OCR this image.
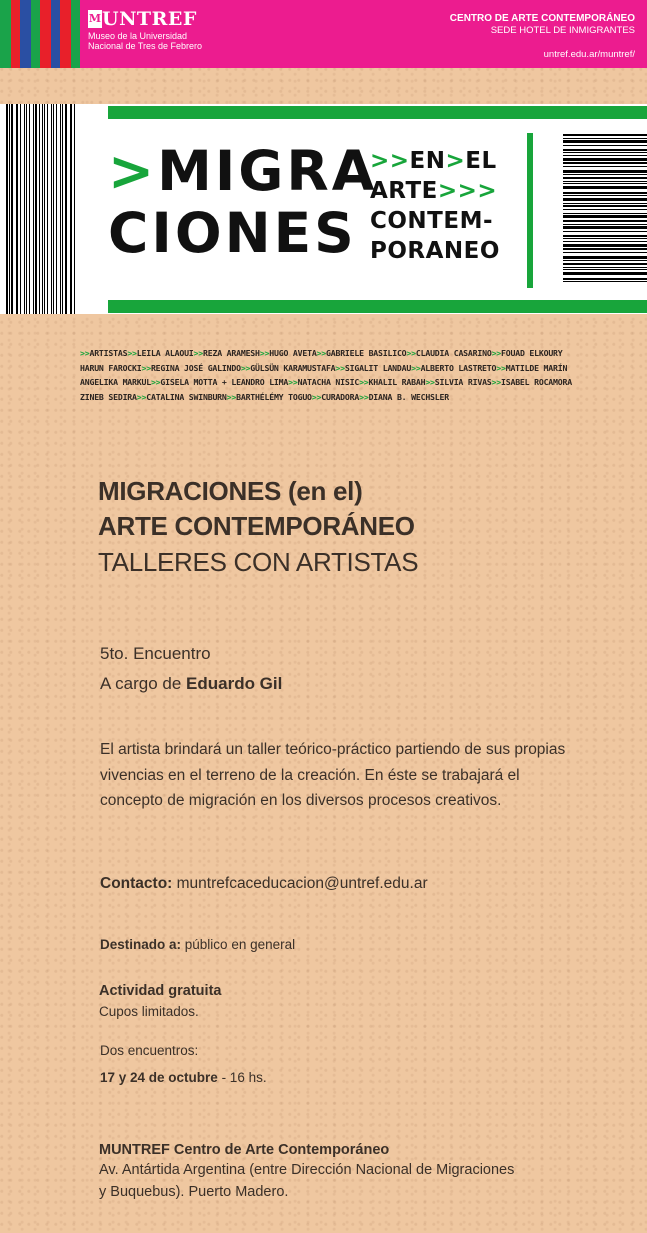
MUNTREF
Museo de la Universidad
Nacional de Tres de Febrero
CENTRO DE ARTE CONTEMPORÁNEO
SEDE HOTEL DE INMIGRANTES
untref.edu.ar/muntref/
>MIGRA
CIONES
>>EN>EL
ARTE>>>
CONTEM-
PORANEO
>>ARTISTAS>>LEILA ALAOUI>>REZA ARAMESH>>HUGO AVETA>>GABRIELE BASILICO>>CLAUDIA CASARINO>>FOUAD ELKOURY
HARUN FAROCKI>>REGINA JOSÉ GALINDO>>GÜLSÜN KARAMUSTAFA>>SIGALIT LANDAU>>ALBERTO LASTRETO>>MATILDE MARÍN
ANGELIKA MARKUL>>GISELA MOTTA + LEANDRO LIMA>>NATACHA NISIC>>KHALIL RABAH>>SILVIA RIVAS>>ISABEL ROCAMORA
ZINEB SEDIRA>>CATALINA SWINBURN>>BARTHÉLÉMY TOGUO>>CURADORA>>DIANA B. WECHSLER
MIGRACIONES (en el)
ARTE CONTEMPORÁNEO
TALLERES CON ARTISTAS
5to. Encuentro
A cargo de Eduardo Gil
El artista brindará un taller teórico-práctico partiendo de sus propias vivencias en el terreno de la creación. En éste se trabajará el concepto de migración en los diversos procesos creativos.
Contacto: muntrefcaceducacion@untref.edu.ar
Destinado a: público en general
Actividad gratuita
Cupos limitados.
Dos encuentros:
17 y 24 de octubre - 16 hs.
MUNTREF Centro de Arte Contemporáneo
Av. Antártida Argentina (entre Dirección Nacional de Migraciones
y Buquebus). Puerto Madero.
